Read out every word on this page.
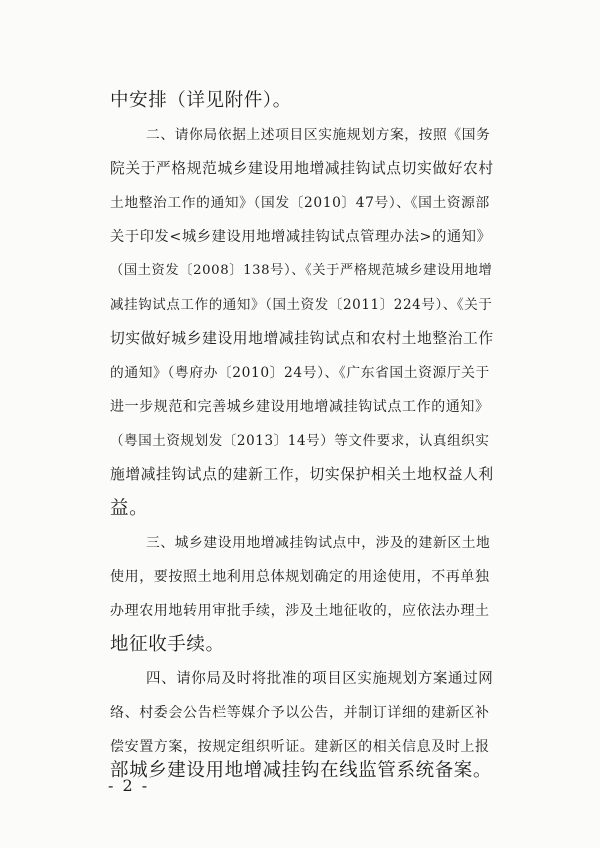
中安排（详见附件）。
二、请你局依据上述项目区实施规划方案，按照《国务
院关于严格规范城乡建设用地增减挂钩试点切实做好农村
土地整治工作的通知》（国发〔2010〕47号）、《国土资源部
关于印发<城乡建设用地增减挂钩试点管理办法>的通知》
（国土资发〔2008〕138号）、《关于严格规范城乡建设用地增
减挂钩试点工作的通知》（国土资发〔2011〕224号）、《关于
切实做好城乡建设用地增减挂钩试点和农村土地整治工作
的通知》（粤府办〔2010〕24号）、《广东省国土资源厅关于
进一步规范和完善城乡建设用地增减挂钩试点工作的通知》
（粤国土资规划发〔2013〕14号）等文件要求，认真组织实
施增减挂钩试点的建新工作，切实保护相关土地权益人利
益。
三、城乡建设用地增减挂钩试点中，涉及的建新区土地
使用，要按照土地利用总体规划确定的用途使用，不再单独
办理农用地转用审批手续，涉及土地征收的，应依法办理土
地征收手续。
四、请你局及时将批准的项目区实施规划方案通过网
络、村委会公告栏等媒介予以公告，并制订详细的建新区补
偿安置方案，按规定组织听证。建新区的相关信息及时上报
部城乡建设用地增减挂钩在线监管系统备案。
- 2 -
